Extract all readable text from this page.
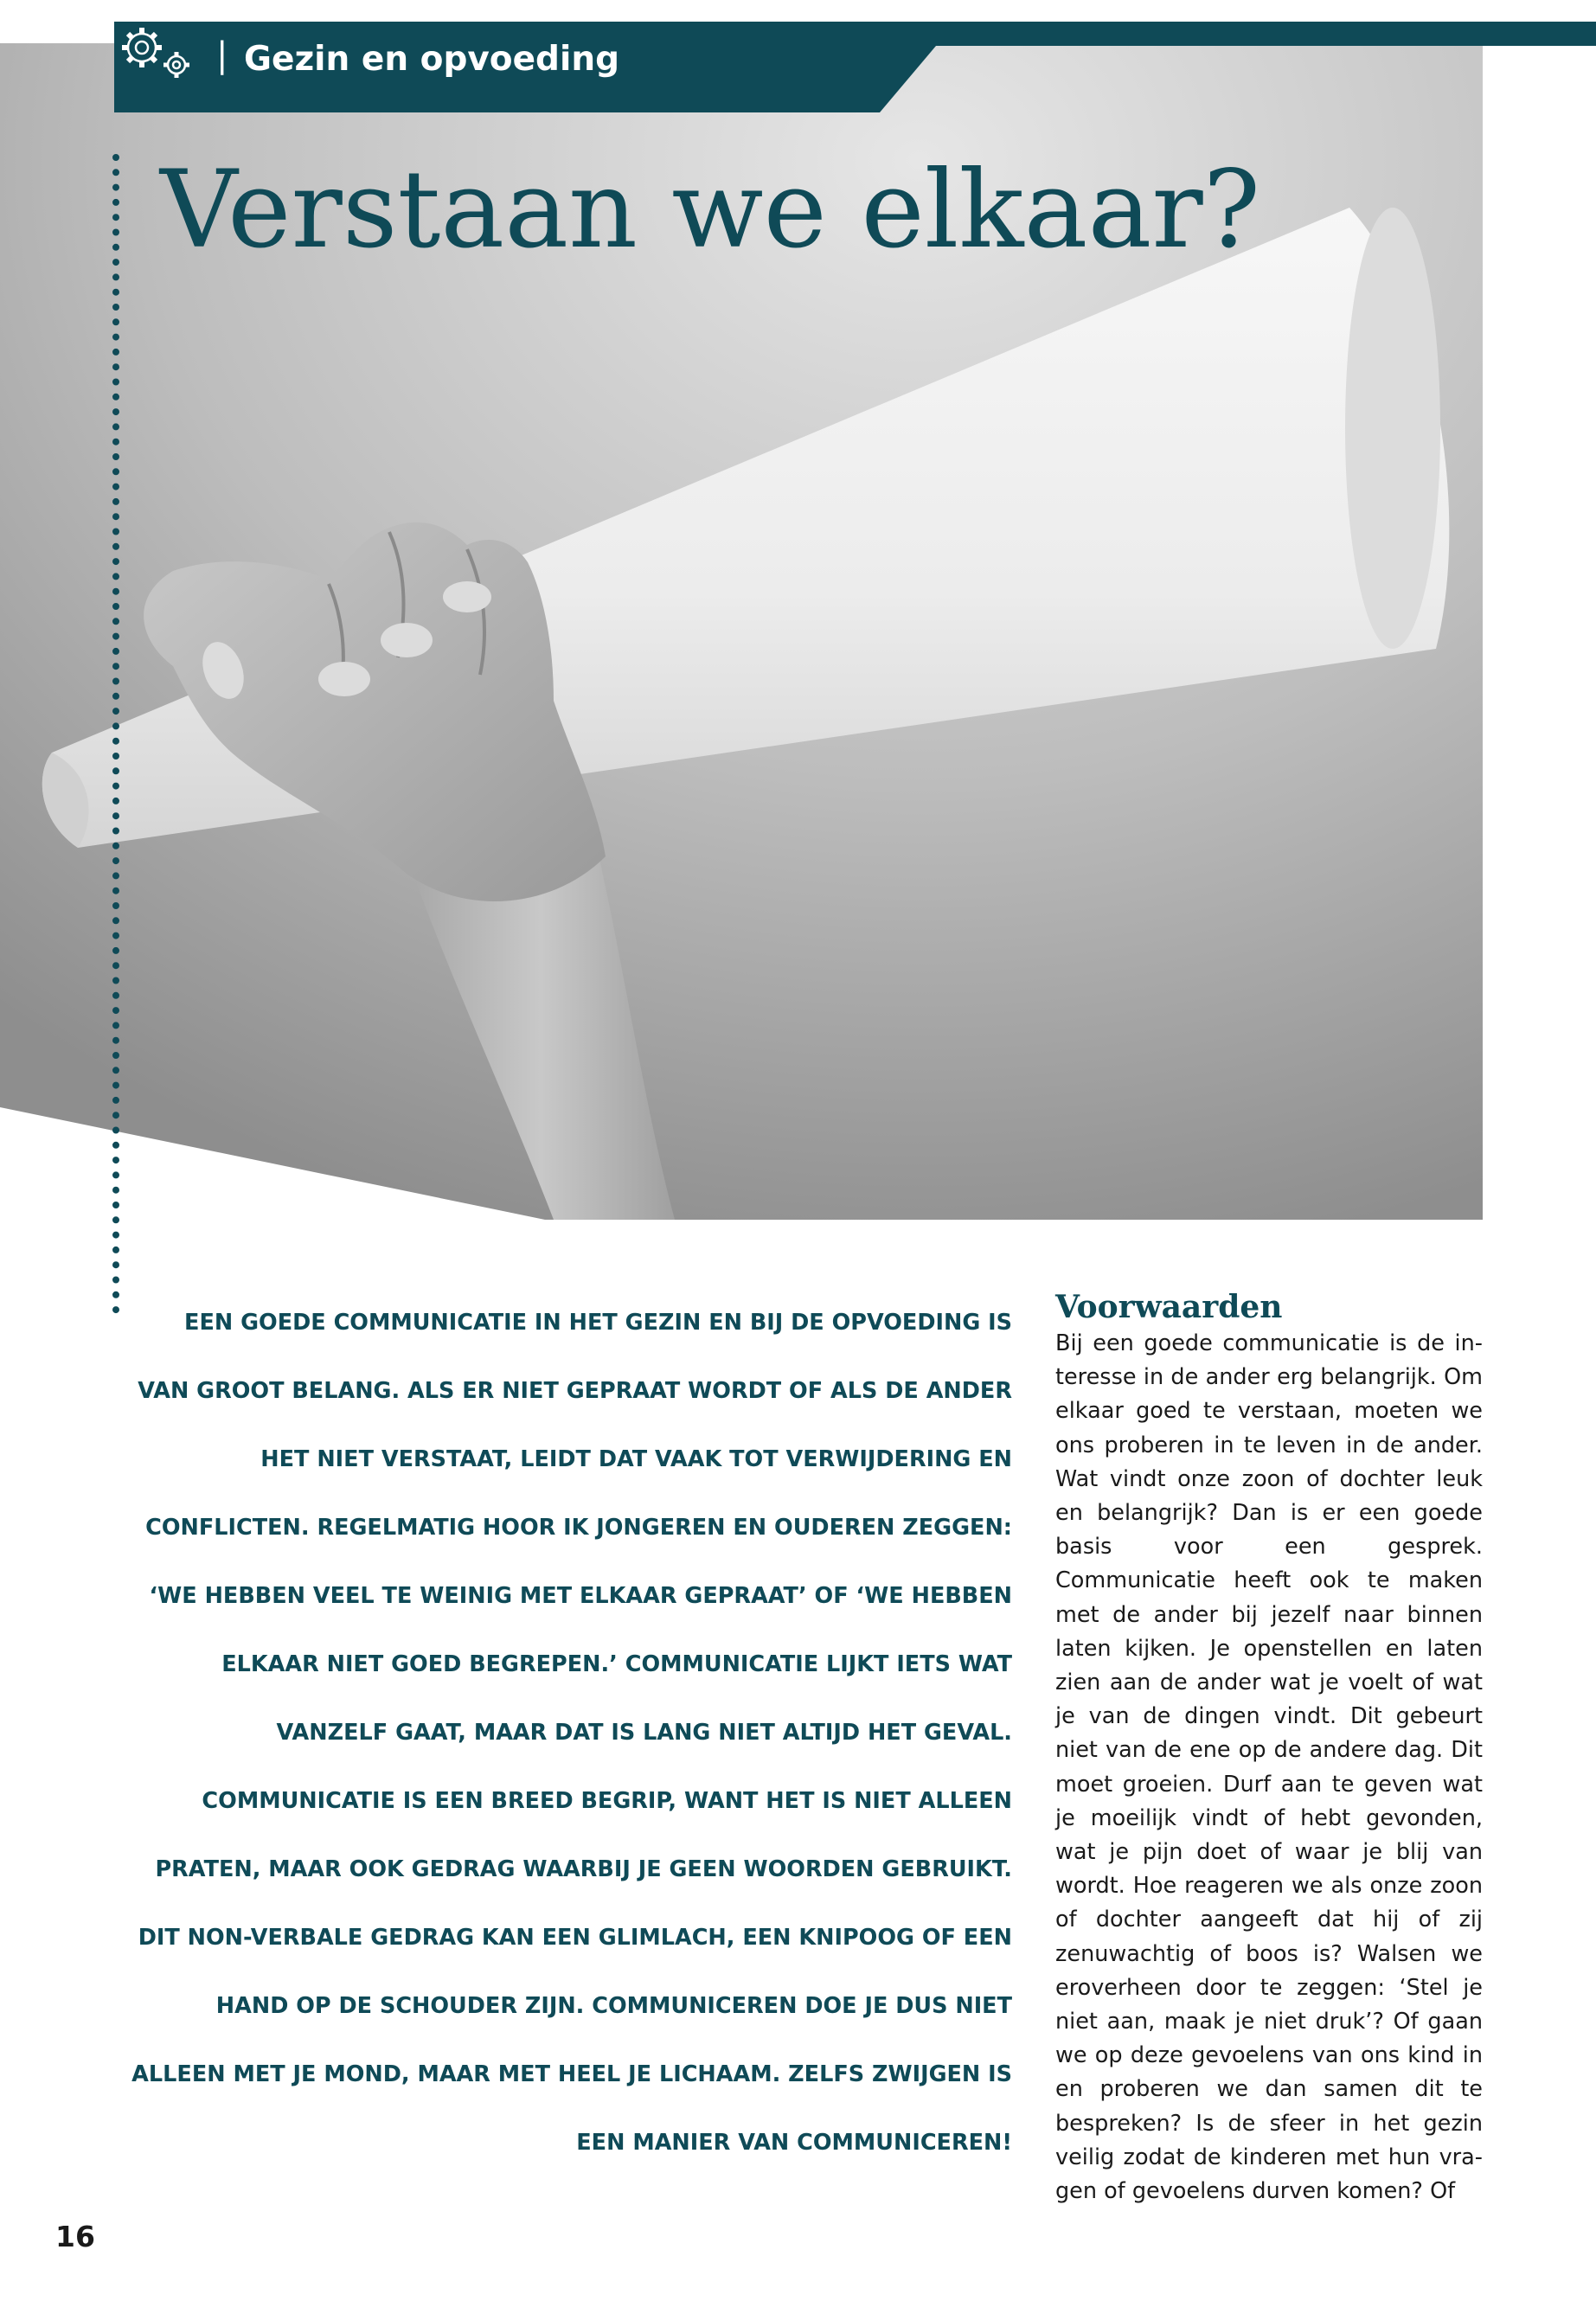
| Gezin en opvoeding
Verstaan we elkaar?

EEN GOEDE COMMUNICATIE IN HET GEZIN EN BIJ DE OPVOEDING IS VAN GROOT BELANG. ALS ER NIET GEPRAAT WORDT OF ALS DE ANDER HET NIET VERSTAAT, LEIDT DAT VAAK TOT VERWIJDERING EN CONFLICTEN. REGELMATIG HOOR IK JONGEREN EN OUDEREN ZEGGEN: ‘WE HEBBEN VEEL TE WEINIG MET ELKAAR GEPRAAT’ OF ‘WE HEBBEN ELKAAR NIET GOED BEGREPEN.’ COMMUNICATIE LIJKT IETS WAT VANZELF GAAT, MAAR DAT IS LANG NIET ALTIJD HET GEVAL. COMMUNICATIE IS EEN BREED BEGRIP, WANT HET IS NIET ALLEEN PRATEN, MAAR OOK GEDRAG WAARBIJ JE GEEN WOORDEN GEBRUIKT. DIT NON-VERBALE GEDRAG KAN EEN GLIMLACH, EEN KNIPOOG OF EEN HAND OP DE SCHOUDER ZIJN. COMMUNICEREN DOE JE DUS NIET ALLEEN MET JE MOND, MAAR MET HEEL JE LICHAAM. ZELFS ZWIJGEN IS EEN MANIER VAN COMMUNICEREN!

Voorwaarden

Bij een goede communicatie is de interesse in de ander erg belangrijk. Om elkaar goed te verstaan, moeten we ons proberen in te leven in de ander. Wat vindt onze zoon of dochter leuk en belangrijk? Dan is er een goede basis voor een gesprek. Communicatie heeft ook te maken met de ander bij jezelf naar binnen laten kijken. Je openstellen en laten zien aan de ander wat je voelt of wat je van de dingen vindt. Dit gebeurt niet van de ene op de andere dag. Dit moet groeien. Durf aan te geven wat je moeilijk vindt of hebt gevonden, wat je pijn doet of waar je blij van wordt. Hoe reageren we als onze zoon of dochter aangeeft dat hij of zij zenuwachtig of boos is? Walsen we eroverheen door te zeggen: ‘Stel je niet aan, maak je niet druk’? Of gaan we op deze gevoelens van ons kind in en proberen we dan samen dit te bespreken? Is de sfeer in het gezin veilig zodat de kinderen met hun vragen of gevoelens durven komen? Of

16
